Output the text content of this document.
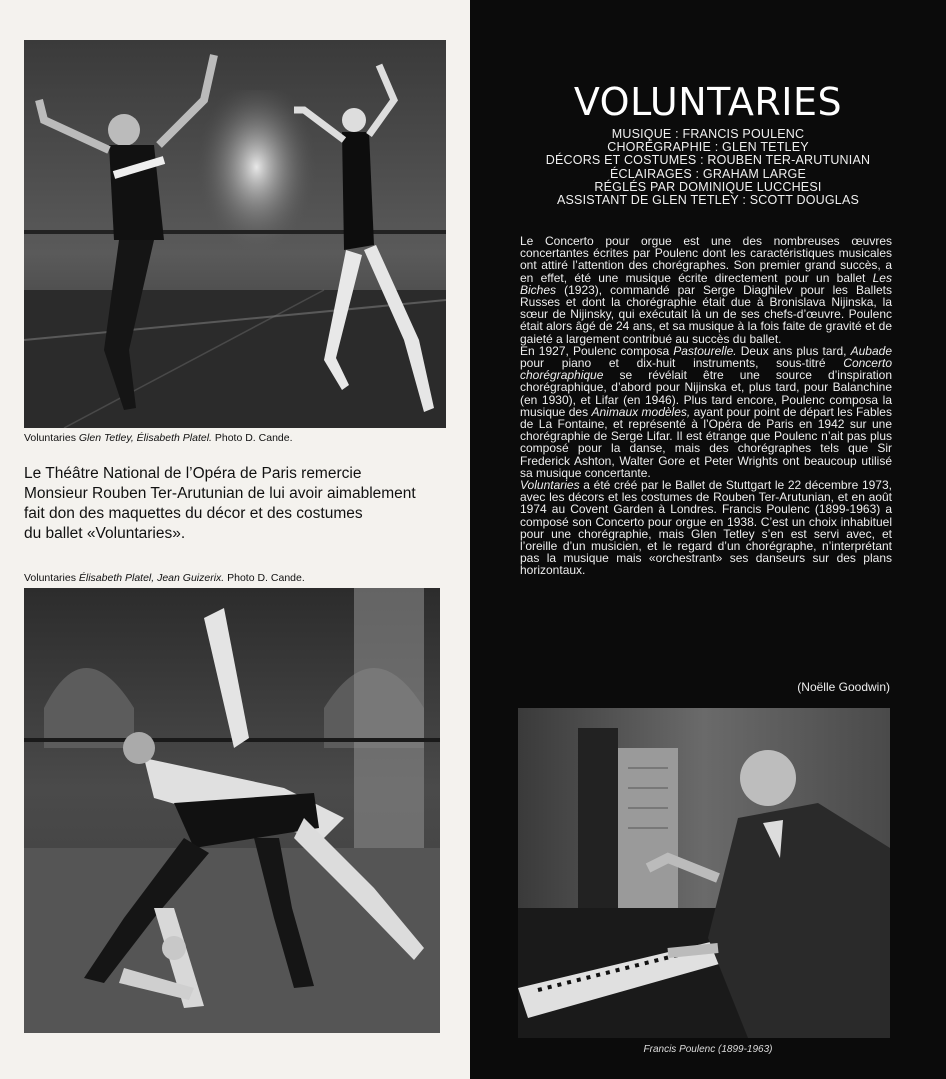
Voluntaries Glen Tetley, Élisabeth Platel. Photo D. Cande.
Le Théâtre National de l’Opéra de Paris remercie
Monsieur Rouben Ter-Arutunian de lui avoir aimablement
fait don des maquettes du décor et des costumes
du ballet «Voluntaries».
Voluntaries Élisabeth Platel, Jean Guizerix. Photo D. Cande.
VOLUNTARIES
MUSIQUE : FRANCIS POULENC
CHORÉGRAPHIE : GLEN TETLEY
DÉCORS ET COSTUMES : ROUBEN TER-ARUTUNIAN
ÉCLAIRAGES : GRAHAM LARGE
RÉGLÉS PAR DOMINIQUE LUCCHESI
ASSISTANT DE GLEN TETLEY : SCOTT DOUGLAS

Le Concerto pour orgue est une des nombreuses œuvres concertantes écrites par Poulenc dont les caractéristiques musicales ont attiré l’attention des chorégraphes. Son premier grand succès, a en effet, été une musique écrite directement pour un ballet Les Biches (1923), commandé par Serge Diaghilev pour les Ballets Russes et dont la chorégraphie était due à Bronislava Nijinska, la sœur de Nijinsky, qui exécutait là un de ses chefs-d’œuvre. Poulenc était alors âgé de 24 ans, et sa musique à la fois faite de gravité et de gaieté a largement contribué au succès du ballet.

En 1927, Poulenc composa Pastourelle. Deux ans plus tard, Aubade pour piano et dix-huit instruments, sous-titré Concerto chorégraphique se révélait être une source d’inspiration chorégraphique, d’abord pour Nijinska et, plus tard, pour Balanchine (en 1930), et Lifar (en 1946). Plus tard encore, Poulenc composa la musique des Animaux modèles, ayant pour point de départ les Fables de La Fontaine, et représenté à l’Opéra de Paris en 1942 sur une chorégraphie de Serge Lifar. Il est étrange que Poulenc n’ait pas plus composé pour la danse, mais des chorégraphes tels que Sir Frederick Ashton, Walter Gore et Peter Wrights ont beaucoup utilisé sa musique concertante.

Voluntaries a été créé par le Ballet de Stuttgart le 22 décembre 1973, avec les décors et les costumes de Rouben Ter-Arutunian, et en août 1974 au Covent Garden à Londres. Francis Poulenc (1899-1963) a composé son Concerto pour orgue en 1938. C’est un choix inhabituel pour une chorégraphie, mais Glen Tetley s’en est servi avec, et l’oreille d’un musicien, et le regard d’un chorégraphe, n’interprétant pas la musique mais «orchestrant» ses danseurs sur des plans horizontaux.

(Noëlle Goodwin)
Francis Poulenc (1899-1963)
